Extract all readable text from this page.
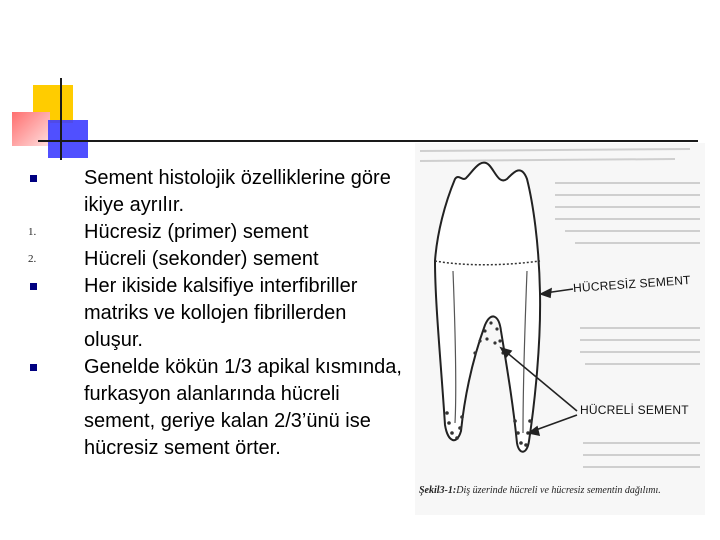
Sement histolojik özelliklerine göre ikiye ayrılır.
1.	Hücresiz (primer) sement
2.	Hücreli (sekonder) sement
Her ikiside kalsifiye interfibriller matriks ve kollojen fibrillerden oluşur.
Genelde kökün 1/3 apikal kısmında, furkasyon alanlarında hücreli sement, geriye kalan 2/3’ünü ise hücresiz sement örter.
HÜCRESİZ SEMENT
HÜCRELİ SEMENT
Şekil3-1:Diş üzerinde hücreli ve hücresiz sementin dağılımı.
